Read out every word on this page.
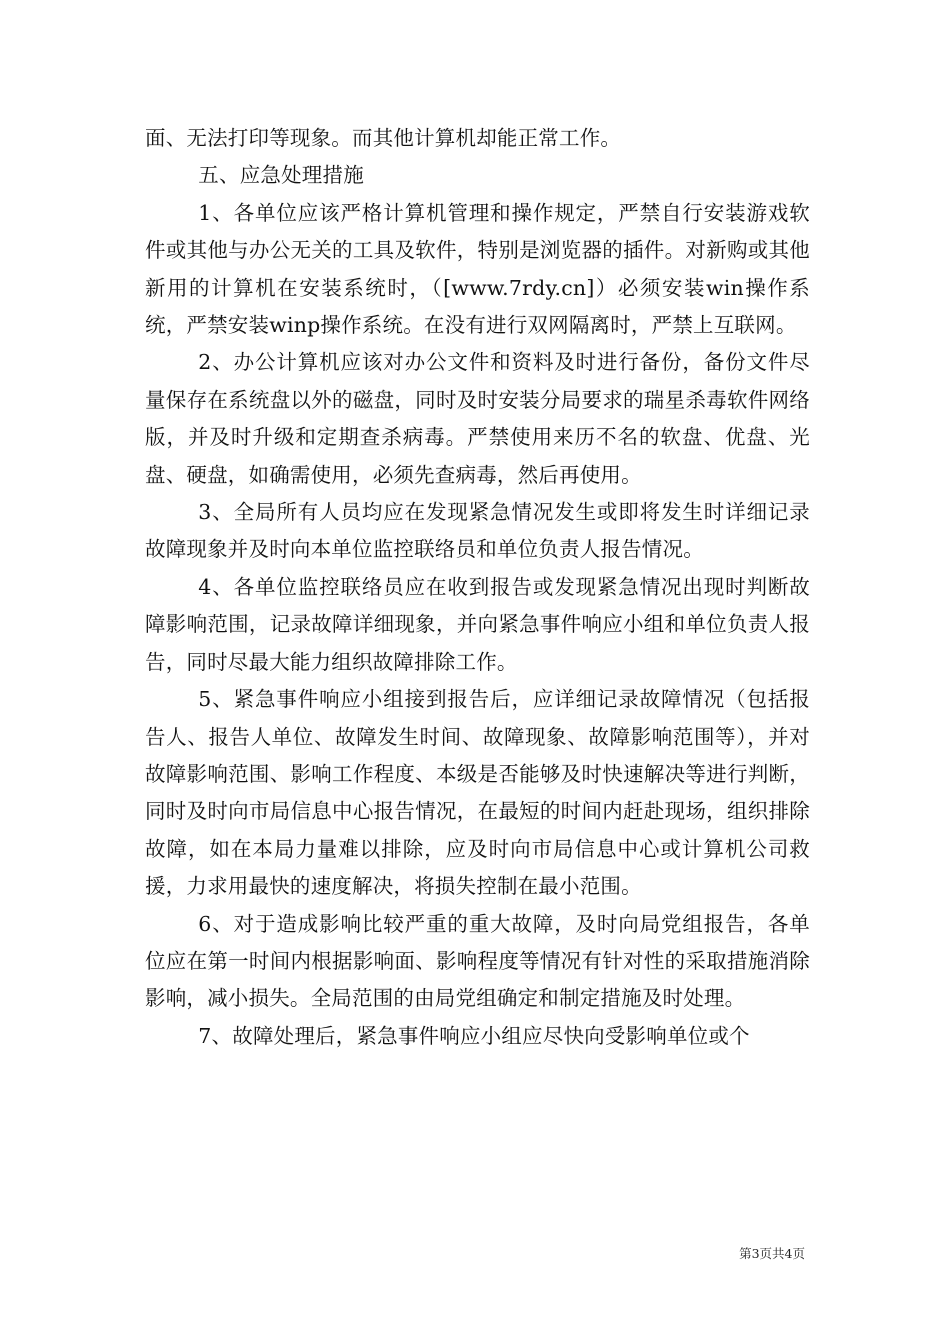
面、无法打印等现象。而其他计算机却能正常工作。

五、应急处理措施

1、各单位应该严格计算机管理和操作规定，严禁自行安装游戏软件或其他与办公无关的工具及软件，特别是浏览器的插件。对新购或其他新用的计算机在安装系统时，（[www.7rdy.cn]）必须安装win操作系统，严禁安装winp操作系统。在没有进行双网隔离时，严禁上互联网。

2、办公计算机应该对办公文件和资料及时进行备份，备份文件尽量保存在系统盘以外的磁盘，同时及时安装分局要求的瑞星杀毒软件网络版，并及时升级和定期查杀病毒。严禁使用来历不名的软盘、优盘、光盘、硬盘，如确需使用，必须先查病毒，然后再使用。

3、全局所有人员均应在发现紧急情况发生或即将发生时详细记录故障现象并及时向本单位监控联络员和单位负责人报告情况。

4、各单位监控联络员应在收到报告或发现紧急情况出现时判断故障影响范围，记录故障详细现象，并向紧急事件响应小组和单位负责人报告，同时尽最大能力组织故障排除工作。

5、紧急事件响应小组接到报告后，应详细记录故障情况（包括报告人、报告人单位、故障发生时间、故障现象、故障影响范围等），并对故障影响范围、影响工作程度、本级是否能够及时快速解决等进行判断，同时及时向市局信息中心报告情况，在最短的时间内赶赴现场，组织排除故障，如在本局力量难以排除，应及时向市局信息中心或计算机公司救援，力求用最快的速度解决，将损失控制在最小范围。

6、对于造成影响比较严重的重大故障，及时向局党组报告，各单位应在第一时间内根据影响面、影响程度等情况有针对性的采取措施消除影响，减小损失。全局范围的由局党组确定和制定措施及时处理。

7、故障处理后，紧急事件响应小组应尽快向受影响单位或个

第3页共4页
